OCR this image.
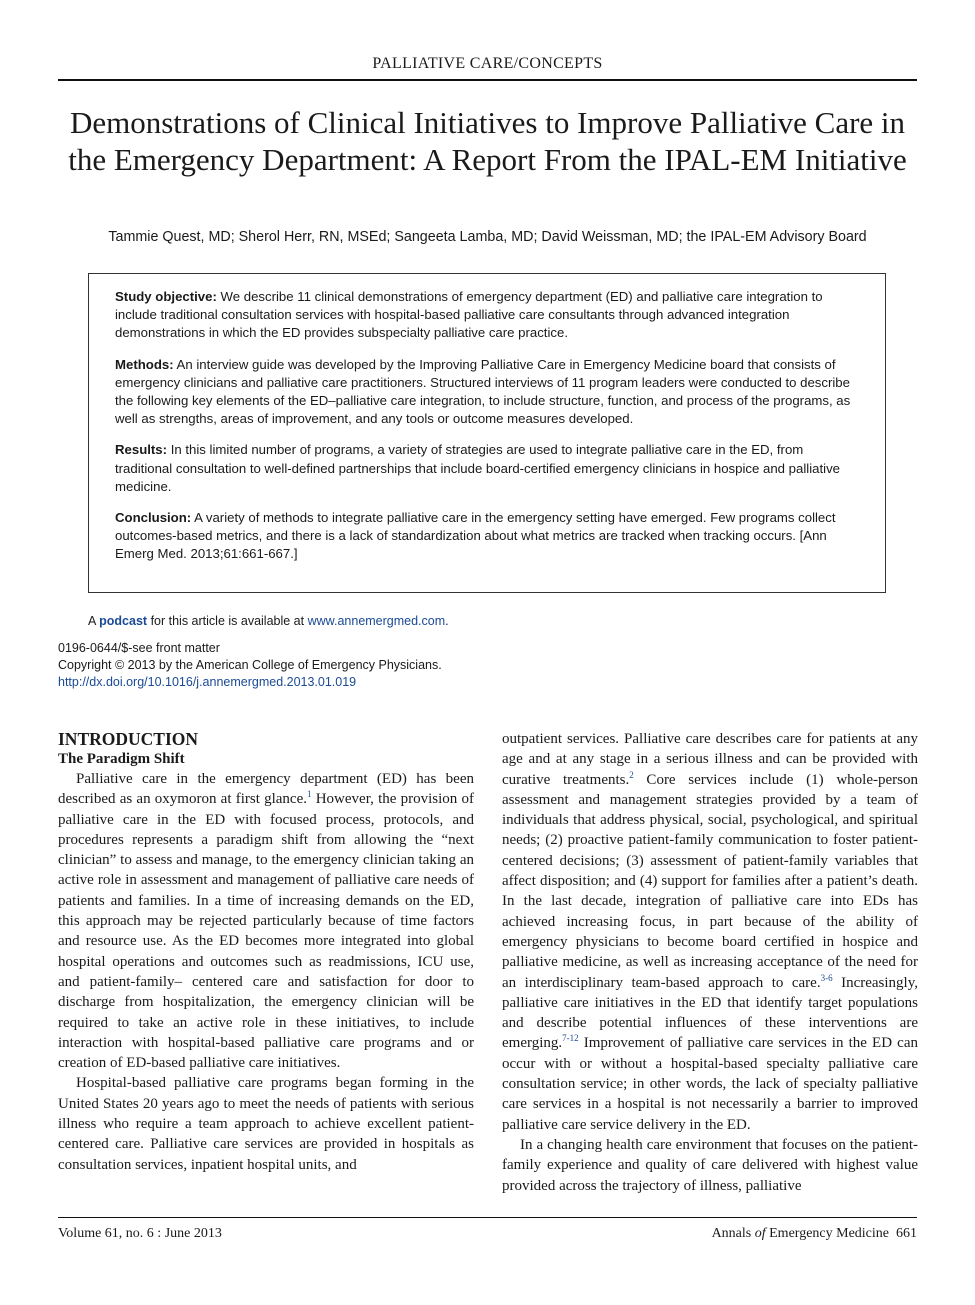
PALLIATIVE CARE/CONCEPTS
Demonstrations of Clinical Initiatives to Improve Palliative Care in the Emergency Department: A Report From the IPAL-EM Initiative
Tammie Quest, MD; Sherol Herr, RN, MSEd; Sangeeta Lamba, MD; David Weissman, MD; the IPAL-EM Advisory Board

Study objective: We describe 11 clinical demonstrations of emergency department (ED) and palliative care integration to include traditional consultation services with hospital-based palliative care consultants through advanced integration demonstrations in which the ED provides subspecialty palliative care practice.

Methods: An interview guide was developed by the Improving Palliative Care in Emergency Medicine board that consists of emergency clinicians and palliative care practitioners. Structured interviews of 11 program leaders were conducted to describe the following key elements of the ED–palliative care integration, to include structure, function, and process of the programs, as well as strengths, areas of improvement, and any tools or outcome measures developed.

Results: In this limited number of programs, a variety of strategies are used to integrate palliative care in the ED, from traditional consultation to well-defined partnerships that include board-certified emergency clinicians in hospice and palliative medicine.

Conclusion: A variety of methods to integrate palliative care in the emergency setting have emerged. Few programs collect outcomes-based metrics, and there is a lack of standardization about what metrics are tracked when tracking occurs. [Ann Emerg Med. 2013;61:661-667.]

A podcast for this article is available at www.annemergmed.com.
0196-0644/$-see front matter
Copyright © 2013 by the American College of Emergency Physicians.
http://dx.doi.org/10.1016/j.annemergmed.2013.01.019
INTRODUCTION
The Paradigm Shift

Palliative care in the emergency department (ED) has been described as an oxymoron at first glance.$^1$ However, the provision of palliative care in the ED with focused process, protocols, and procedures represents a paradigm shift from allowing the “next clinician” to assess and manage, to the emergency clinician taking an active role in assessment and management of palliative care needs of patients and families. In a time of increasing demands on the ED, this approach may be rejected particularly because of time factors and resource use. As the ED becomes more integrated into global hospital operations and outcomes such as readmissions, ICU use, and patient-family– centered care and satisfaction for door to discharge from hospitalization, the emergency clinician will be required to take an active role in these initiatives, to include interaction with hospital-based palliative care programs and or creation of ED-based palliative care initiatives.

Hospital-based palliative care programs began forming in the United States 20 years ago to meet the needs of patients with serious illness who require a team approach to achieve excellent patient-centered care. Palliative care services are provided in hospitals as consultation services, inpatient hospital units, and

outpatient services. Palliative care describes care for patients at any age and at any stage in a serious illness and can be provided with curative treatments.$^2$ Core services include (1) whole-person assessment and management strategies provided by a team of individuals that address physical, social, psychological, and spiritual needs; (2) proactive patient-family communication to foster patient-centered decisions; (3) assessment of patient-family variables that affect disposition; and (4) support for families after a patient’s death. In the last decade, integration of palliative care into EDs has achieved increasing focus, in part because of the ability of emergency physicians to become board certified in hospice and palliative medicine, as well as increasing acceptance of the need for an interdisciplinary team-based approach to care.$^{3-6}$ Increasingly, palliative care initiatives in the ED that identify target populations and describe potential influences of these interventions are emerging.$^{7-12}$ Improvement of palliative care services in the ED can occur with or without a hospital-based specialty palliative care consultation service; in other words, the lack of specialty palliative care services in a hospital is not necessarily a barrier to improved palliative care service delivery in the ED.

In a changing health care environment that focuses on the patient-family experience and quality of care delivered with highest value provided across the trajectory of illness, palliative

Volume 61, no. 6 : June 2013	Annals of Emergency Medicine 661
